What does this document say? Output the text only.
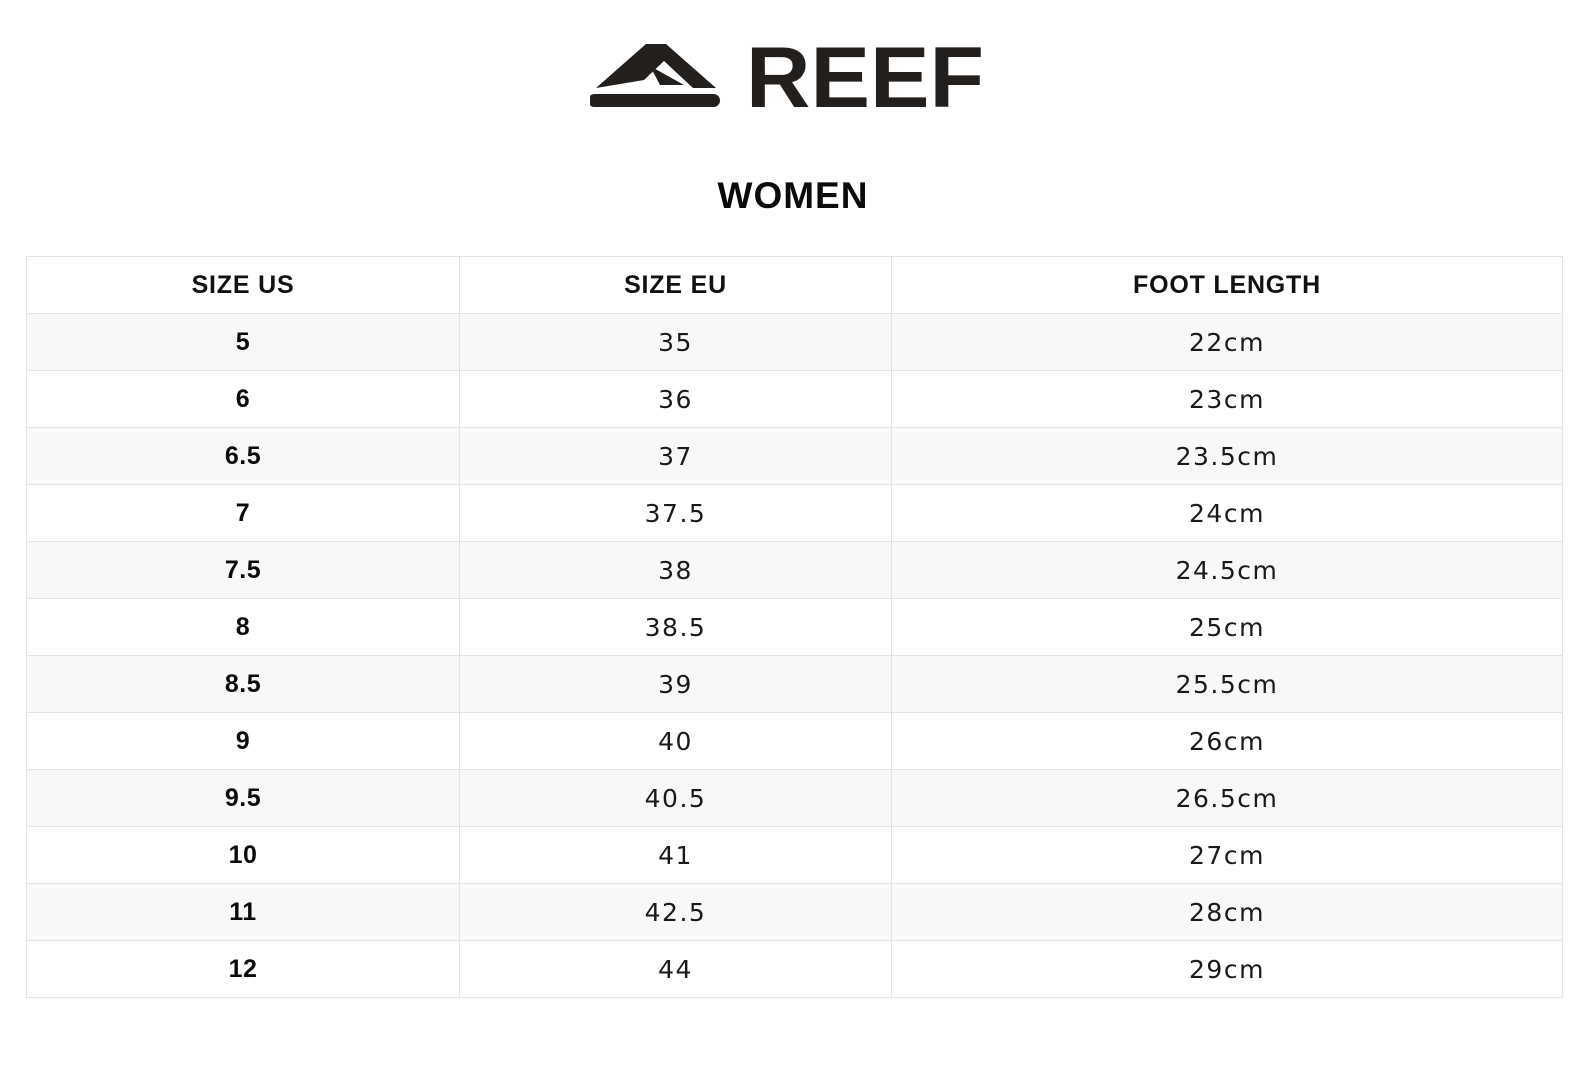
REEF
WOMEN
SIZE US	SIZE EU	FOOT LENGTH
5	35	22cm
6	36	23cm
6.5	37	23.5cm
7	37.5	24cm
7.5	38	24.5cm
8	38.5	25cm
8.5	39	25.5cm
9	40	26cm
9.5	40.5	26.5cm
10	41	27cm
11	42.5	28cm
12	44	29cm
